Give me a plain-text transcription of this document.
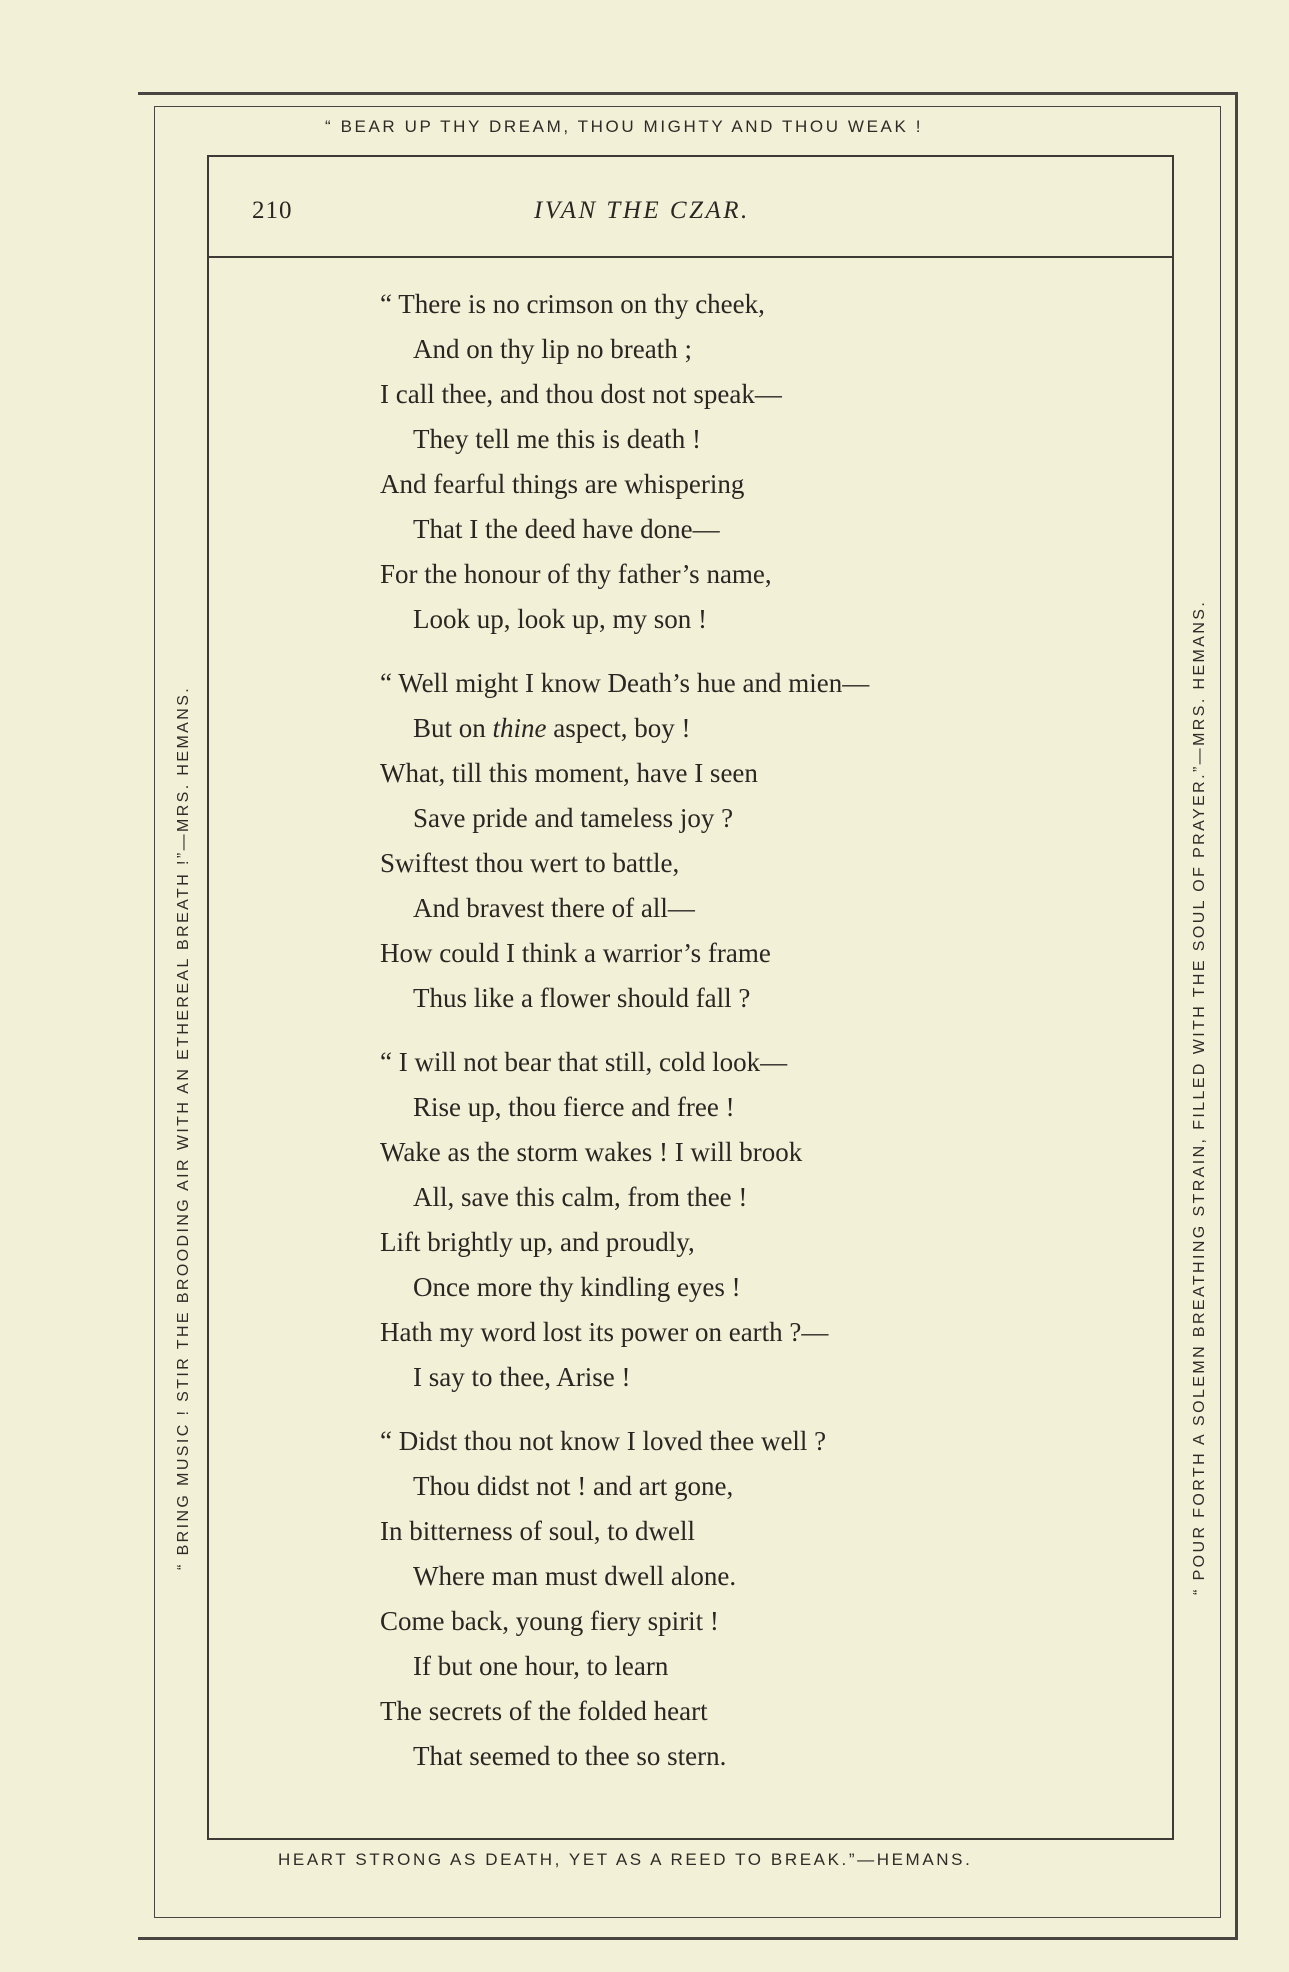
“ BEAR UP THY DREAM, THOU MIGHTY AND THOU WEAK !
“ BRING MUSIC ! STIR THE BROODING AIR WITH AN ETHEREAL BREATH !”—MRS. HEMANS.	“ POUR FORTH A SOLEMN BREATHING STRAIN, FILLED WITH THE SOUL OF PRAYER.”—MRS. HEMANS.
HEART STRONG AS DEATH, YET AS A REED TO BREAK.”—HEMANS.
210	IVAN THE CZAR.
“ There is no crimson on thy cheek,
And on thy lip no breath ;
I call thee, and thou dost not speak—
They tell me this is death !
And fearful things are whispering
That I the deed have done—
For the honour of thy father’s name,
Look up, look up, my son !
“ Well might I know Death’s hue and mien—
But on thine aspect, boy !
What, till this moment, have I seen
Save pride and tameless joy ?
Swiftest thou wert to battle,
And bravest there of all—
How could I think a warrior’s frame
Thus like a flower should fall ?
“ I will not bear that still, cold look—
Rise up, thou fierce and free !
Wake as the storm wakes ! I will brook
All, save this calm, from thee !
Lift brightly up, and proudly,
Once more thy kindling eyes !
Hath my word lost its power on earth ?—
I say to thee, Arise !
“ Didst thou not know I loved thee well ?
Thou didst not ! and art gone,
In bitterness of soul, to dwell
Where man must dwell alone.
Come back, young fiery spirit !
If but one hour, to learn
The secrets of the folded heart
That seemed to thee so stern.
